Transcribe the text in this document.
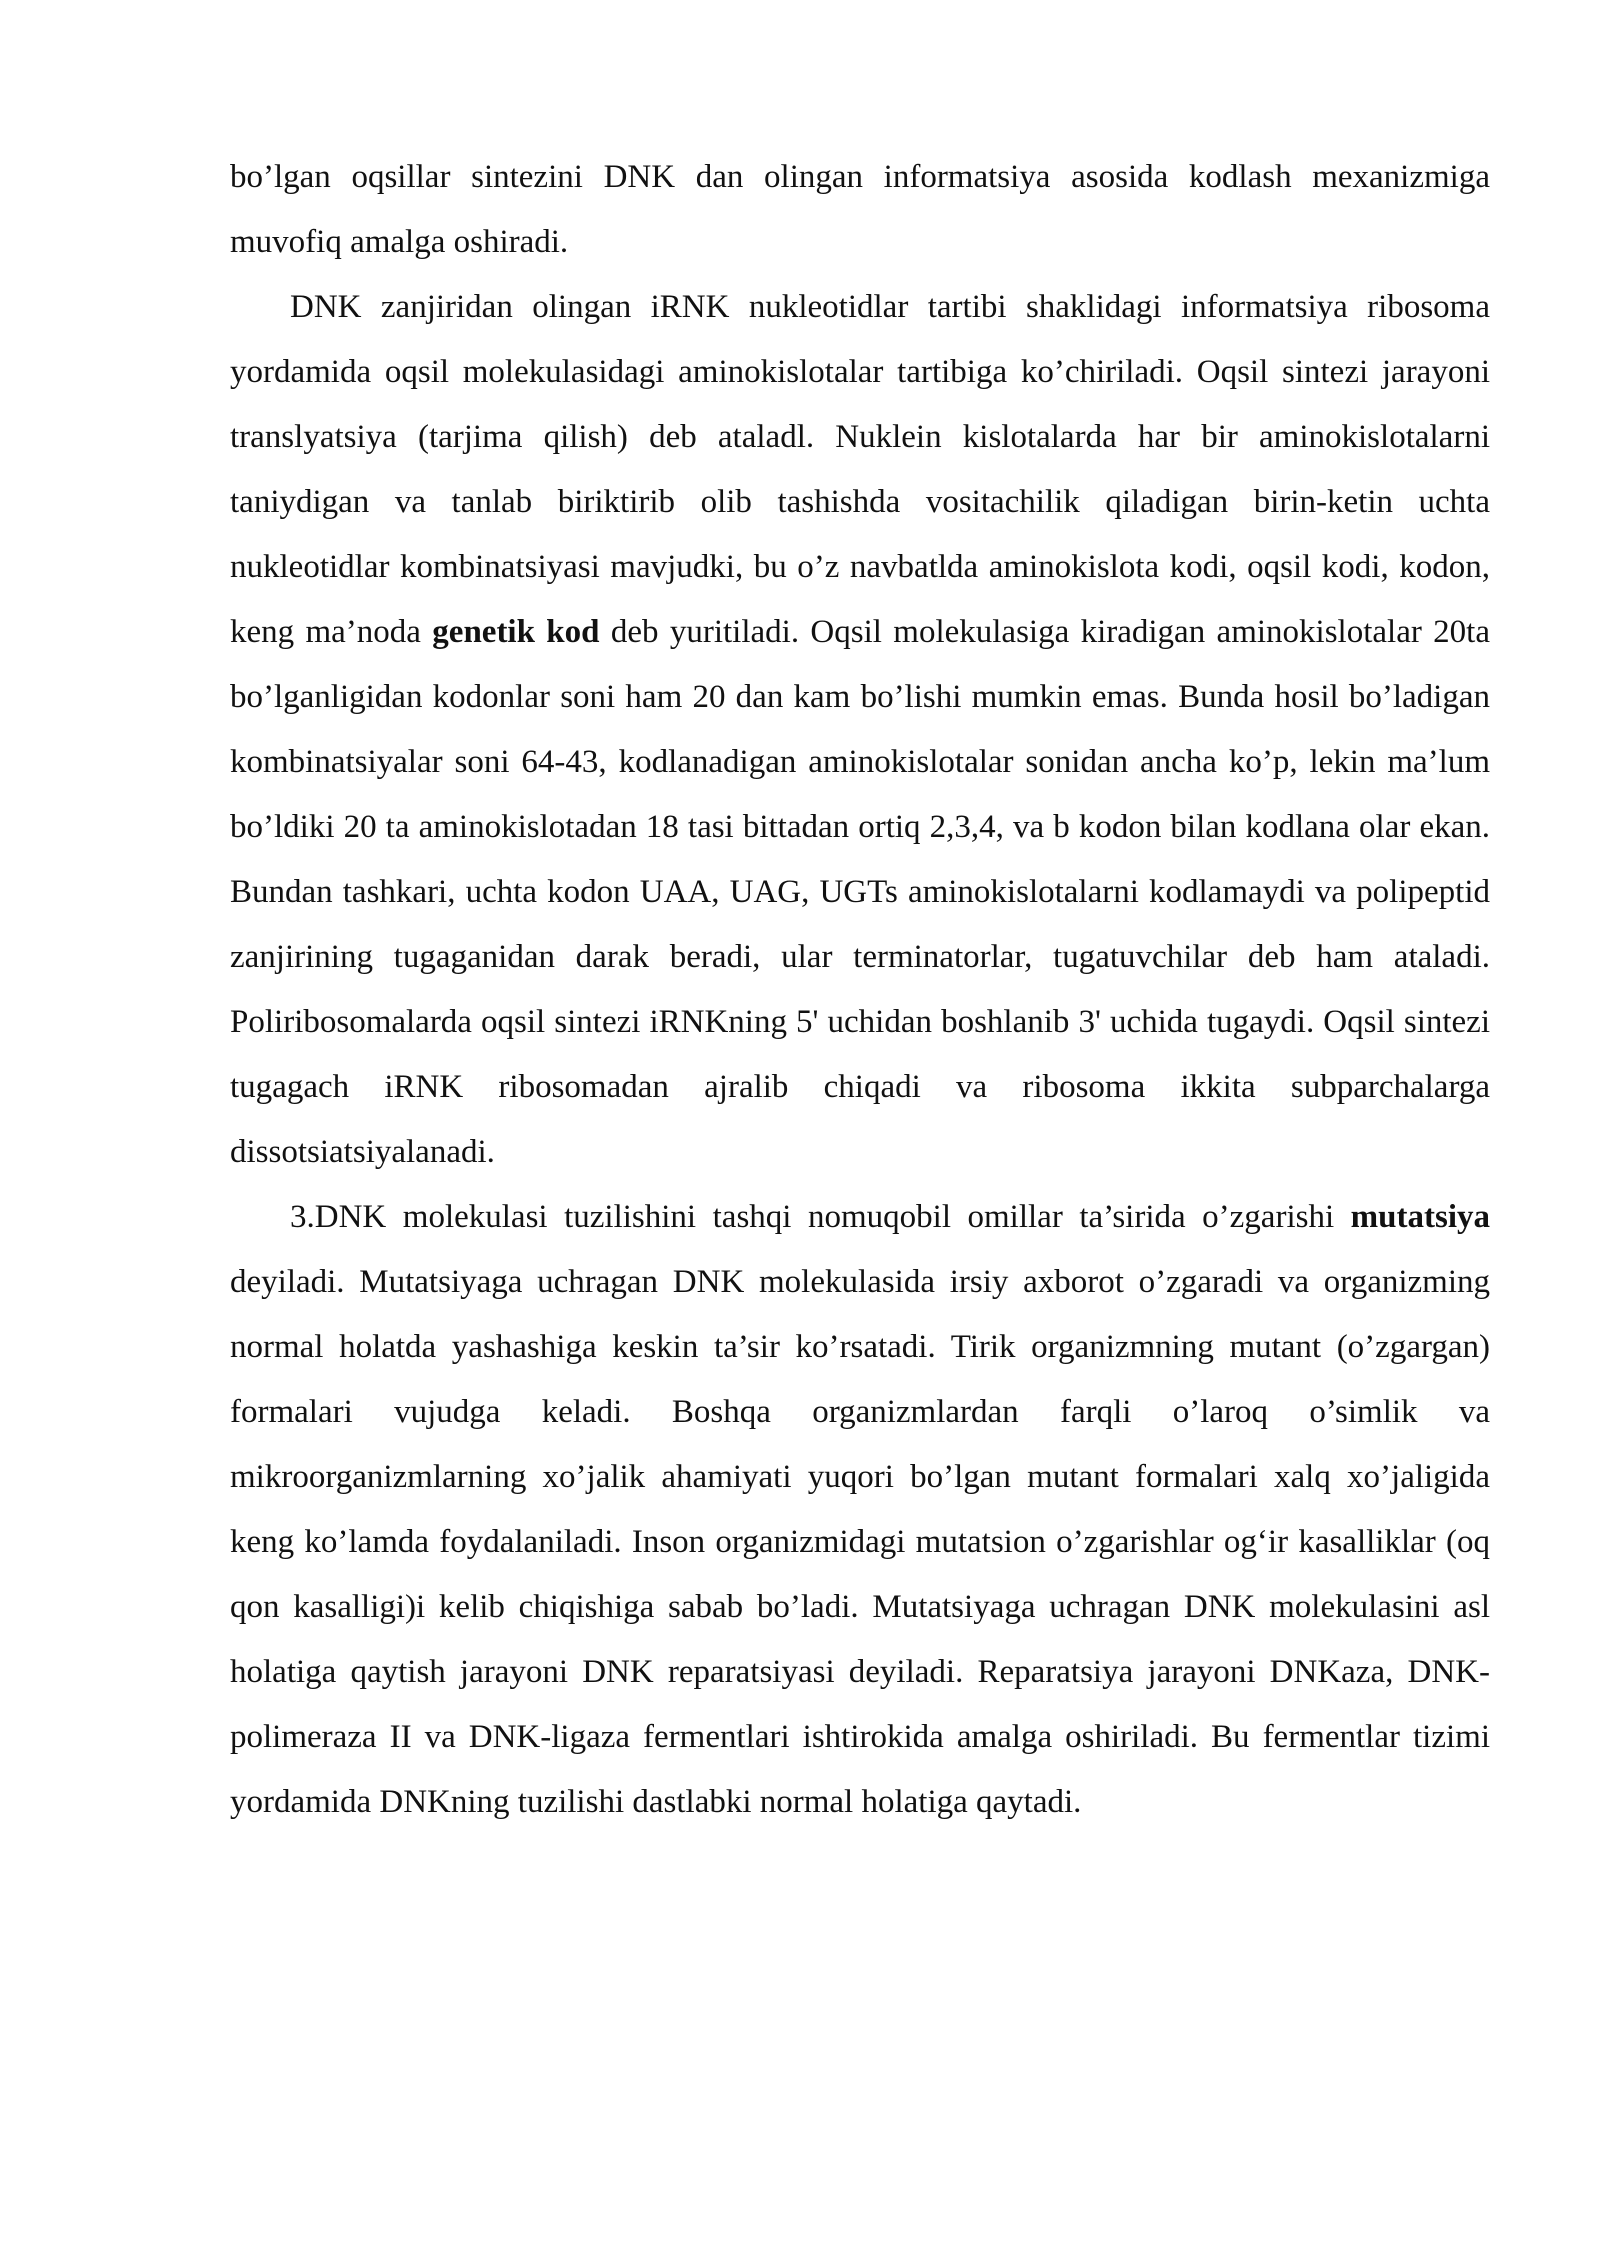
bo’lgan oqsillar sintezini DNK dan olingan informatsiya asosida kodlash mexanizmiga muvofiq amalga oshiradi.

DNK zanjiridan olingan iRNK nukleotidlar tartibi shaklidagi informatsiya ribosoma yordamida oqsil molekulasidagi aminokislotalar tartibiga ko’chiriladi. Oqsil sintezi jarayoni translyatsiya (tarjima qilish) deb ataladl. Nuklein kislotalarda har bir aminokislotalarni taniydigan va tanlab biriktirib olib tashishda vositachilik qiladigan birin-ketin uchta nukleotidlar kombinatsiyasi mavjudki, bu o’z navbatlda aminokislota kodi, oqsil kodi, kodon, keng ma’noda genetik kod deb yuritiladi. Oqsil molekulasiga kiradigan aminokislotalar 20ta bo’lganligidan kodonlar soni ham 20 dan kam bo’lishi mumkin emas. Bunda hosil bo’ladigan kombinatsiyalar soni 64-43, kodlanadigan aminokislotalar sonidan ancha ko’p, lekin ma’lum bo’ldiki 20 ta aminokislotadan 18 tasi bittadan ortiq 2,3,4, va b kodon bilan kodlana olar ekan. Bundan tashkari, uchta kodon UAA, UAG, UGTs aminokislotalarni kodlamaydi va polipeptid zanjirining tugaganidan darak beradi, ular terminatorlar, tugatuvchilar deb ham ataladi. Poliribosomalarda oqsil sintezi iRNKning 5' uchidan boshlanib 3' uchida tugaydi. Oqsil sintezi tugagach iRNK ribosomadan ajralib chiqadi va ribosoma ikkita subparchalarga dissotsiatsiyalanadi.

3.DNK molekulasi tuzilishini tashqi nomuqobil omillar ta’sirida o’zgarishi mutatsiya deyiladi. Mutatsiyaga uchragan DNK molekulasida irsiy axborot o’zgaradi va organizming normal holatda yashashiga keskin ta’sir ko’rsatadi. Tirik organizmning mutant (o’zgargan) formalari vujudga keladi. Boshqa organizmlardan farqli o’laroq o’simlik va mikroorganizmlarning xo’jalik ahamiyati yuqori bo’lgan mutant formalari xalq xo’jaligida keng ko’lamda foydalaniladi. Inson organizmidagi mutatsion o’zgarishlar og‘ir kasalliklar (oq qon kasalligi)i kelib chiqishiga sabab bo’ladi. Mutatsiyaga uchragan DNK molekulasini asl holatiga qaytish jarayoni DNK reparatsiyasi deyiladi. Reparatsiya jarayoni DNKaza, DNK-polimeraza II va DNK-ligaza fermentlari ishtirokida amalga oshiriladi. Bu fermentlar tizimi yordamida DNKning tuzilishi dastlabki normal holatiga qaytadi.
